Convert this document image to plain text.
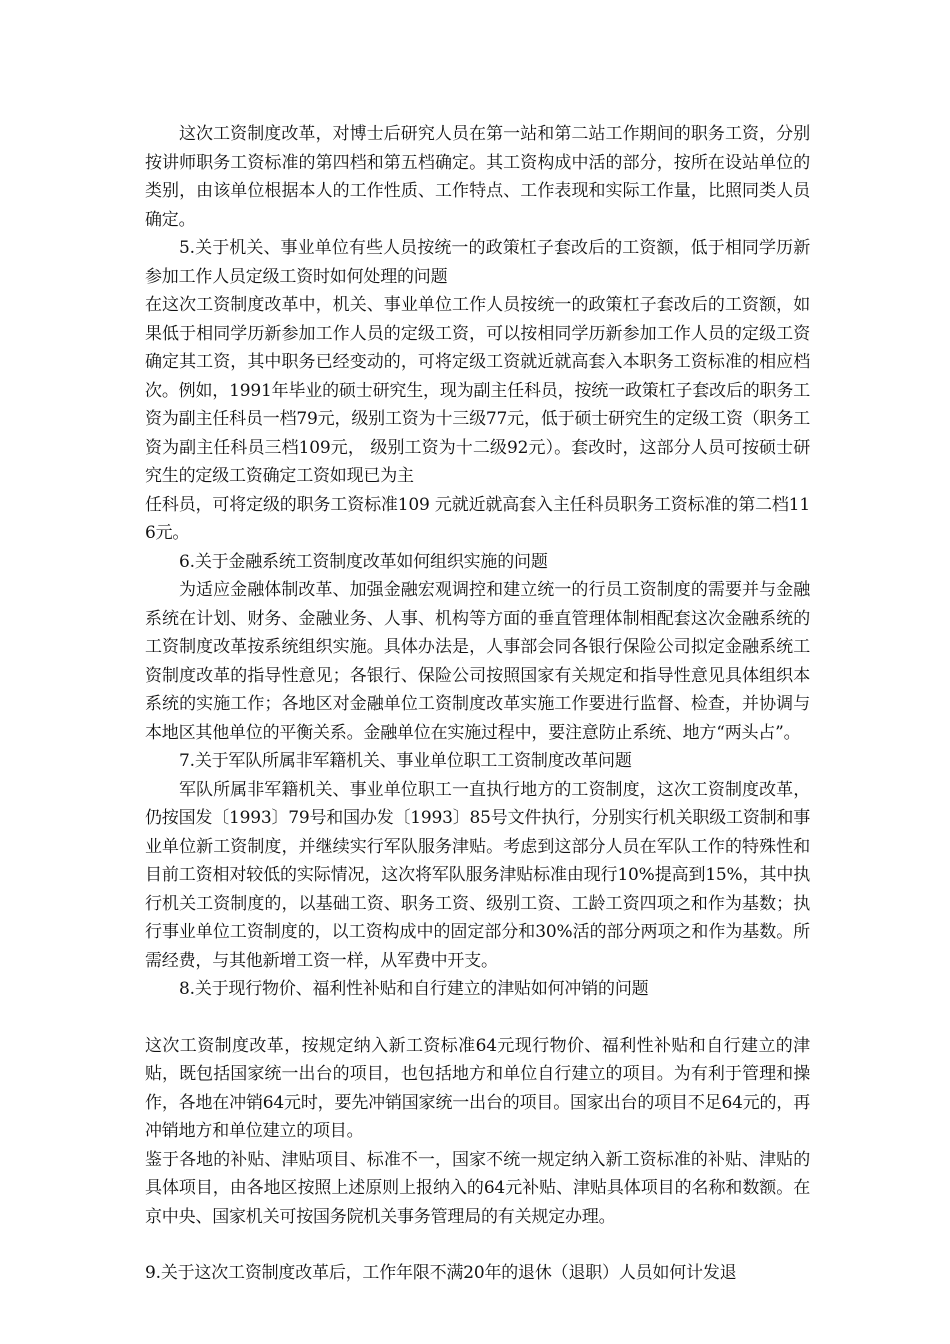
这次工资制度改革，对博士后研究人员在第一站和第二站工作期间的职务工资，分别按讲师职务工资标准的第四档和第五档确定。其工资构成中活的部分，按所在设站单位的类别，由该单位根据本人的工作性质、工作特点、工作表现和实际工作量，比照同类人员确定。

5.关于机关、事业单位有些人员按统一的政策杠子套改后的工资额，低于相同学历新参加工作人员定级工资时如何处理的问题

在这次工资制度改革中，机关、事业单位工作人员按统一的政策杠子套改后的工资额，如果低于相同学历新参加工作人员的定级工资，可以按相同学历新参加工作人员的定级工资确定其工资，其中职务已经变动的，可将定级工资就近就高套入本职务工资标准的相应档次。例如，1991年毕业的硕士研究生，现为副主任科员，按统一政策杠子套改后的职务工资为副主任科员一档79元，级别工资为十三级77元，低于硕士研究生的定级工资（职务工资为副主任科员三档109元， 级别工资为十二级92元）。套改时，这部分人员可按硕士研究生的定级工资确定工资如现已为主

任科员，可将定级的职务工资标准109 元就近就高套入主任科员职务工资标准的第二档116元。

6.关于金融系统工资制度改革如何组织实施的问题

为适应金融体制改革、加强金融宏观调控和建立统一的行员工资制度的需要并与金融系统在计划、财务、金融业务、人事、机构等方面的垂直管理体制相配套这次金融系统的工资制度改革按系统组织实施。具体办法是，人事部会同各银行保险公司拟定金融系统工资制度改革的指导性意见；各银行、保险公司按照国家有关规定和指导性意见具体组织本系统的实施工作；各地区对金融单位工资制度改革实施工作要进行监督、检查，并协调与本地区其他单位的平衡关系。金融单位在实施过程中，要注意防止系统、地方“两头占”。

7.关于军队所属非军籍机关、事业单位职工工资制度改革问题

军队所属非军籍机关、事业单位职工一直执行地方的工资制度，这次工资制度改革，仍按国发〔1993〕79号和国办发〔1993〕85号文件执行，分别实行机关职级工资制和事业单位新工资制度，并继续实行军队服务津贴。考虑到这部分人员在军队工作的特殊性和目前工资相对较低的实际情况，这次将军队服务津贴标准由现行10%提高到15%，其中执行机关工资制度的，以基础工资、职务工资、级别工资、工龄工资四项之和作为基数；执行事业单位工资制度的，以工资构成中的固定部分和30%活的部分两项之和作为基数。所需经费，与其他新增工资一样，从军费中开支。

8.关于现行物价、福利性补贴和自行建立的津贴如何冲销的问题

这次工资制度改革，按规定纳入新工资标准64元现行物价、福利性补贴和自行建立的津贴，既包括国家统一出台的项目，也包括地方和单位自行建立的项目。为有利于管理和操作，各地在冲销64元时，要先冲销国家统一出台的项目。国家出台的项目不足64元的，再冲销地方和单位建立的项目。

鉴于各地的补贴、津贴项目、标准不一，国家不统一规定纳入新工资标准的补贴、津贴的具体项目，由各地区按照上述原则上报纳入的64元补贴、津贴具体项目的名称和数额。在京中央、国家机关可按国务院机关事务管理局的有关规定办理。

9.关于这次工资制度改革后，工作年限不满20年的退休（退职）人员如何计发退
